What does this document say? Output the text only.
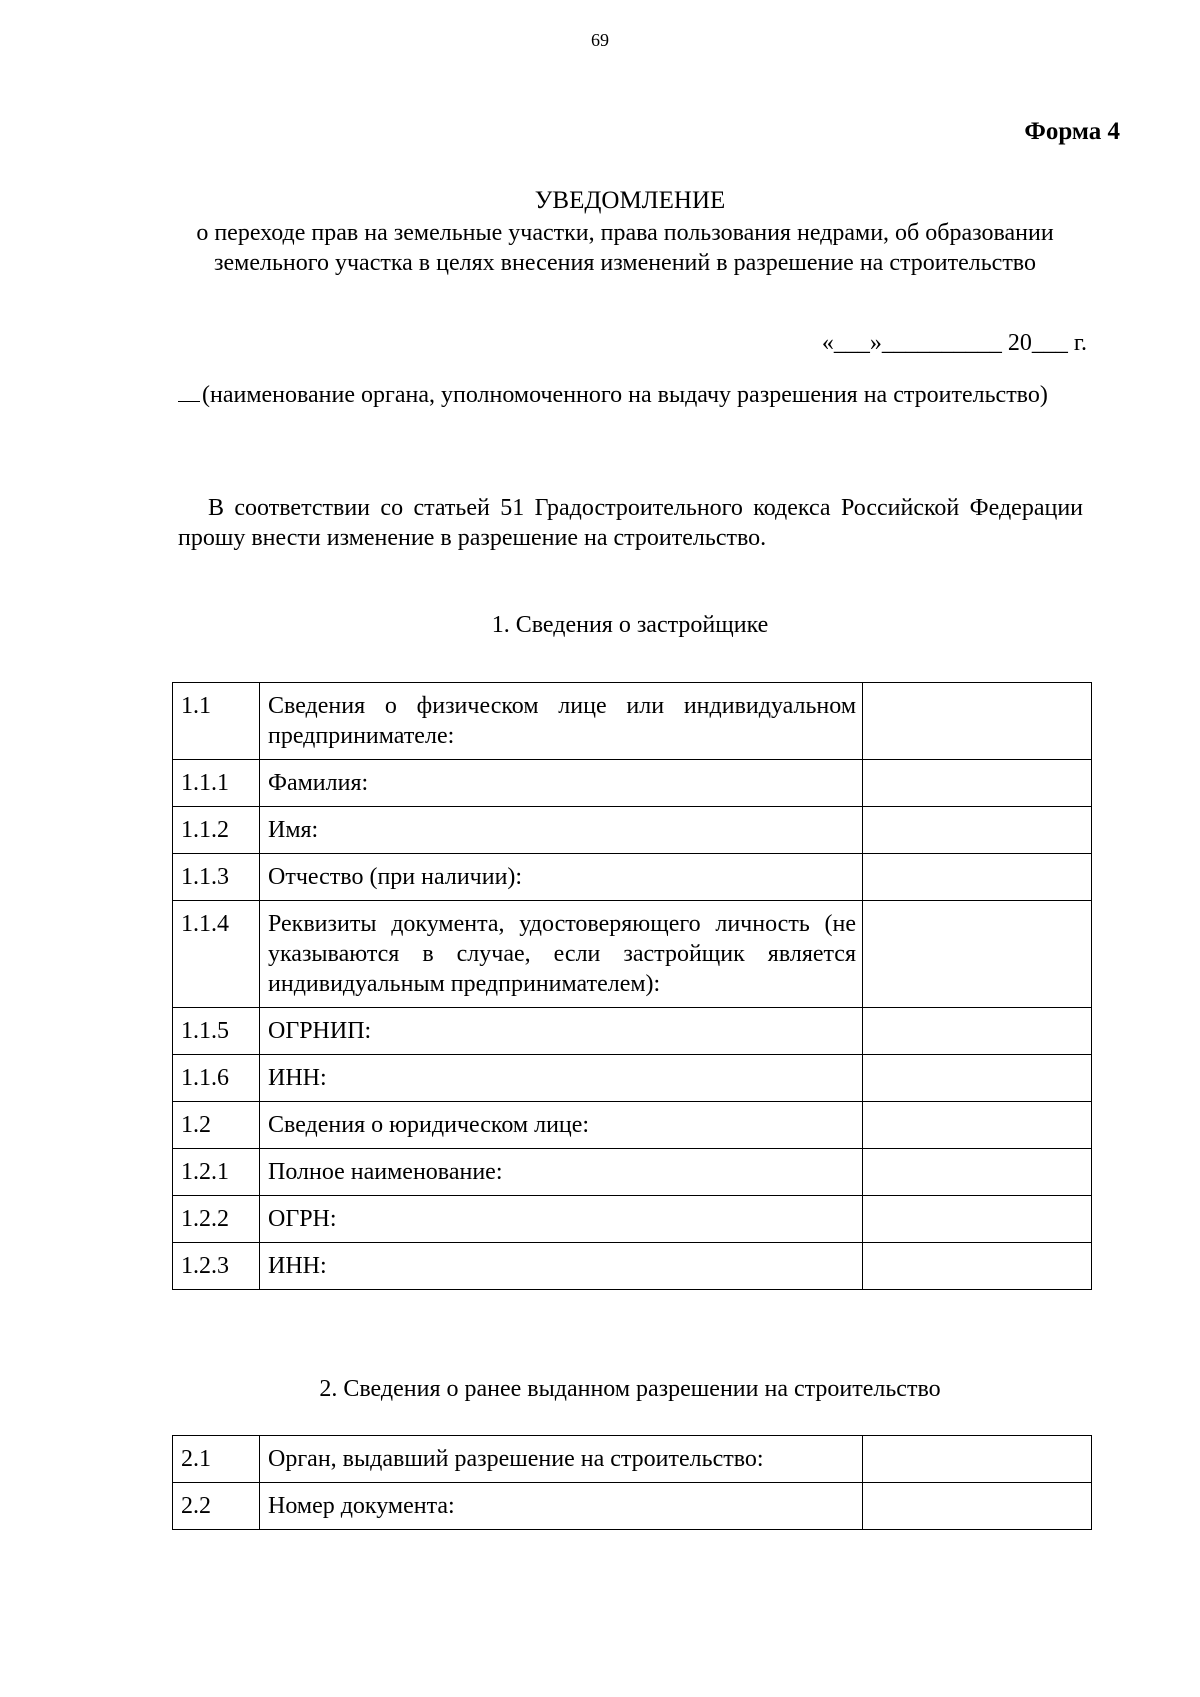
69
Форма 4
УВЕДОМЛЕНИЕ
о переходе прав на земельные участки, права пользования недрами, об образовании земельного участка в целях внесения изменений в разрешение на строительство
«___»__________ 20___ г.
(наименование органа, уполномоченного на выдачу разрешения на строительство)
В соответствии со статьей 51 Градостроительного кодекса Российской Федерации прошу внести изменение в разрешение на строительство.
1. Сведения о застройщике
1.1	Сведения о физическом лице или индивидуальном предпринимателе:	
1.1.1	Фамилия:	
1.1.2	Имя:	
1.1.3	Отчество (при наличии):	
1.1.4	Реквизиты документа, удостоверяющего личность (не указываются в случае, если застройщик является индивидуальным предпринимателем):	
1.1.5	ОГРНИП:	
1.1.6	ИНН:	
1.2	Сведения о юридическом лице:	
1.2.1	Полное наименование:	
1.2.2	ОГРН:	
1.2.3	ИНН:	
2. Сведения о ранее выданном разрешении на строительство
2.1	Орган, выдавший разрешение на строительство:	
2.2	Номер документа:	
